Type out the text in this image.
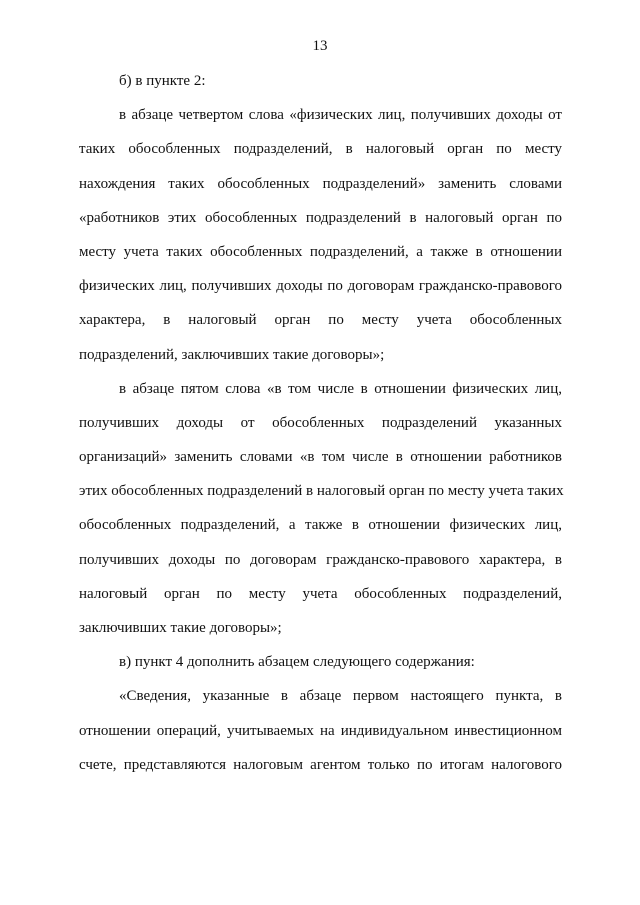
13
б) в пункте 2:
в абзаце четвертом слова «физических лиц, получивших доходы от
таких обособленных подразделений, в налоговый орган по месту
нахождения таких обособленных подразделений» заменить словами
«работников этих обособленных подразделений в налоговый орган по
месту учета таких обособленных подразделений, а также в отношении
физических лиц, получивших доходы по договорам гражданско-правового
характера, в налоговый орган по месту учета обособленных
подразделений, заключивших такие договоры»;
в абзаце пятом слова «в том числе в отношении физических лиц,
получивших доходы от обособленных подразделений указанных
организаций» заменить словами «в том числе в отношении работников
этих обособленных подразделений в налоговый орган по месту учета таких
обособленных подразделений, а также в отношении физических лиц,
получивших доходы по договорам гражданско-правового характера, в
налоговый орган по месту учета обособленных подразделений,
заключивших такие договоры»;
в) пункт 4 дополнить абзацем следующего содержания:
«Сведения, указанные в абзаце первом настоящего пункта, в
отношении операций, учитываемых на индивидуальном инвестиционном
счете, представляются налоговым агентом только по итогам налогового
